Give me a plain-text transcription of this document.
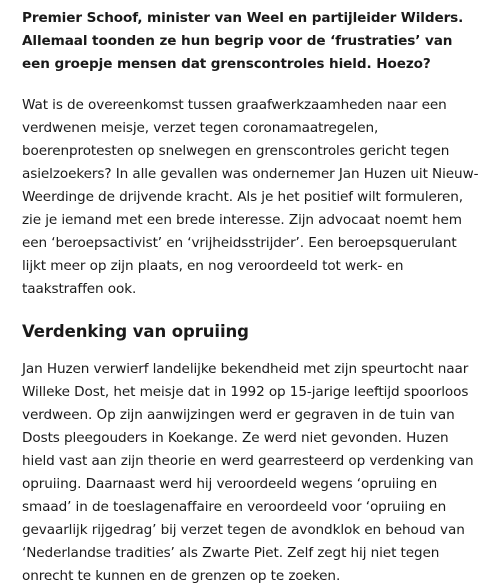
Premier Schoof, minister van Weel en partijleider Wilders. Allemaal toonden ze hun begrip voor de ‘frustraties’ van een groepje mensen dat grenscontroles hield. Hoezo?

Wat is de overeenkomst tussen graafwerkzaamheden naar een verdwenen meisje, verzet tegen coronamaatregelen, boerenprotesten op snelwegen en grenscontroles gericht tegen asielzoekers? In alle gevallen was ondernemer Jan Huzen uit Nieuw-Weerdinge de drijvende kracht. Als je het positief wilt formuleren, zie je iemand met een brede interesse. Zijn advocaat noemt hem een ‘beroepsactivist’ en ‘vrijheidsstrijder’. Een beroepsquerulant lijkt meer op zijn plaats, en nog veroordeeld tot werk- en taakstraffen ook.

Verdenking van opruiing

Jan Huzen verwierf landelijke bekendheid met zijn speurtocht naar Willeke Dost, het meisje dat in 1992 op 15-jarige leeftijd spoorloos verdween. Op zijn aanwijzingen werd er gegraven in de tuin van Dosts pleegouders in Koekange. Ze werd niet gevonden. Huzen hield vast aan zijn theorie en werd gearresteerd op verdenking van opruiing. Daarnaast werd hij veroordeeld wegens ‘opruiing en smaad’ in de toeslagenaffaire en veroordeeld voor ‘opruiing en gevaarlijk rijgedrag’ bij verzet tegen de avondklok en behoud van ‘Nederlandse tradities’ als Zwarte Piet. Zelf zegt hij niet tegen onrecht te kunnen en de grenzen op te zoeken.
